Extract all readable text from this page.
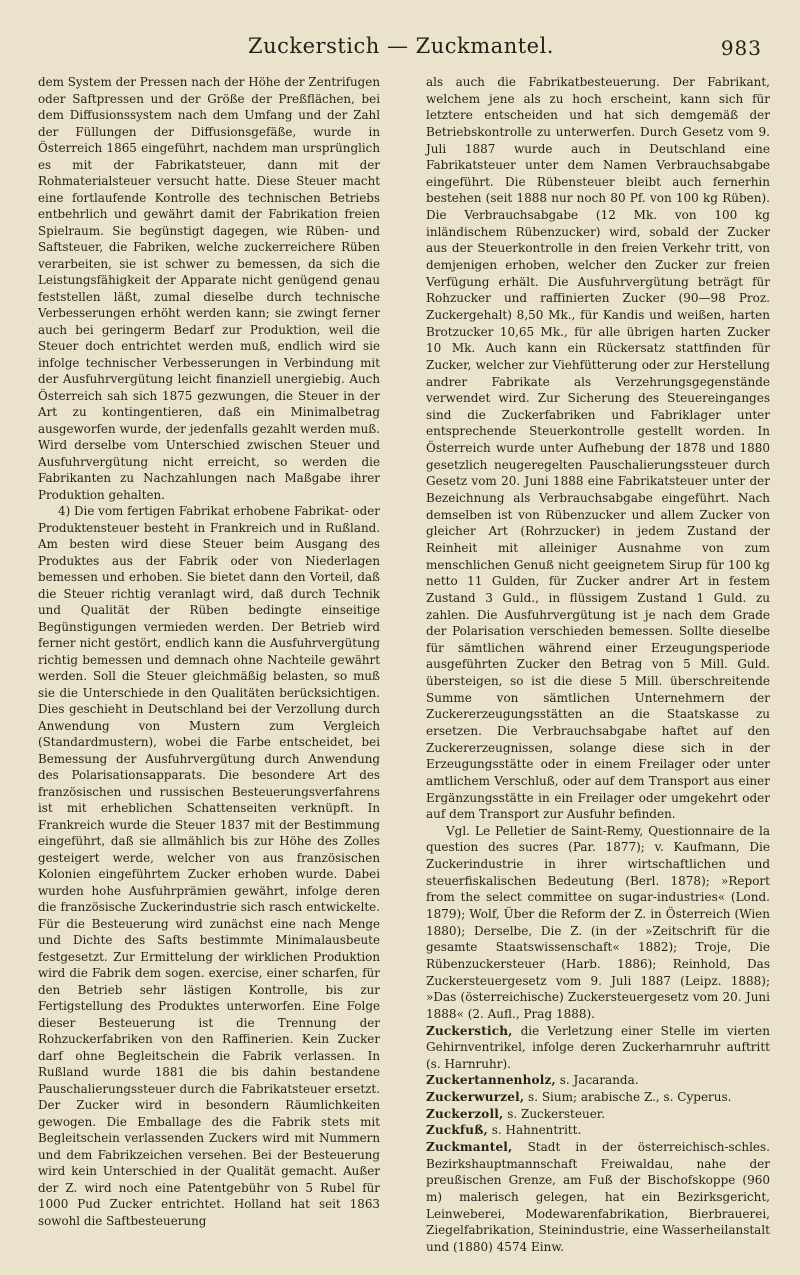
Zuckerstich — Zuckmantel.	983

dem System der Pressen nach der Höhe der Zentrifugen oder Saftpressen und der Größe der Preßflächen, bei dem Diffusionssystem nach dem Umfang und der Zahl der Füllungen der Diffusionsgefäße, wurde in Österreich 1865 eingeführt, nachdem man ursprünglich es mit der Fabrikatsteuer, dann mit der Rohmaterialsteuer versucht hatte. Diese Steuer macht eine fortlaufende Kontrolle des technischen Betriebs entbehrlich und gewährt damit der Fabrikation freien Spielraum. Sie begünstigt dagegen, wie Rüben- und Saftsteuer, die Fabriken, welche zuckerreichere Rüben verarbeiten, sie ist schwer zu bemessen, da sich die Leistungsfähigkeit der Apparate nicht genügend genau feststellen läßt, zumal dieselbe durch technische Verbesserungen erhöht werden kann; sie zwingt ferner auch bei geringerm Bedarf zur Produktion, weil die Steuer doch entrichtet werden muß, endlich wird sie infolge technischer Verbesserungen in Verbindung mit der Ausfuhrvergütung leicht finanziell unergiebig. Auch Österreich sah sich 1875 gezwungen, die Steuer in der Art zu kontingentieren, daß ein Minimalbetrag ausgeworfen wurde, der jedenfalls gezahlt werden muß. Wird derselbe vom Unterschied zwischen Steuer und Ausfuhrvergütung nicht erreicht, so werden die Fabrikanten zu Nachzahlungen nach Maßgabe ihrer Produktion gehalten.

4) Die vom fertigen Fabrikat erhobene Fabrikat- oder Produktensteuer besteht in Frankreich und in Rußland. Am besten wird diese Steuer beim Ausgang des Produktes aus der Fabrik oder von Niederlagen bemessen und erhoben. Sie bietet dann den Vorteil, daß die Steuer richtig veranlagt wird, daß durch Technik und Qualität der Rüben bedingte einseitige Begünstigungen vermieden werden. Der Betrieb wird ferner nicht gestört, endlich kann die Ausfuhrvergütung richtig bemessen und demnach ohne Nachteile gewährt werden. Soll die Steuer gleichmäßig belasten, so muß sie die Unterschiede in den Qualitäten berücksichtigen. Dies geschieht in Deutschland bei der Verzollung durch Anwendung von Mustern zum Vergleich (Standardmustern), wobei die Farbe entscheidet, bei Bemessung der Ausfuhrvergütung durch Anwendung des Polarisationsapparats. Die besondere Art des französischen und russischen Besteuerungsverfahrens ist mit erheblichen Schattenseiten verknüpft. In Frankreich wurde die Steuer 1837 mit der Bestimmung eingeführt, daß sie allmählich bis zur Höhe des Zolles gesteigert werde, welcher von aus französischen Kolonien eingeführtem Zucker erhoben wurde. Dabei wurden hohe Ausfuhrprämien gewährt, infolge deren die französische Zuckerindustrie sich rasch entwickelte. Für die Besteuerung wird zunächst eine nach Menge und Dichte des Safts bestimmte Minimalausbeute festgesetzt. Zur Ermittelung der wirklichen Produktion wird die Fabrik dem sogen. exercise, einer scharfen, für den Betrieb sehr lästigen Kontrolle, bis zur Fertigstellung des Produktes unterworfen. Eine Folge dieser Besteuerung ist die Trennung der Rohzuckerfabriken von den Raffinerien. Kein Zucker darf ohne Begleitschein die Fabrik verlassen. In Rußland wurde 1881 die bis dahin bestandene Pauschalierungssteuer durch die Fabrikatsteuer ersetzt. Der Zucker wird in besondern Räumlichkeiten gewogen. Die Emballage des die Fabrik stets mit Begleitschein verlassenden Zuckers wird mit Nummern und dem Fabrikzeichen versehen. Bei der Besteuerung wird kein Unterschied in der Qualität gemacht. Außer der Z. wird noch eine Patentgebühr von 5 Rubel für 1000 Pud Zucker entrichtet. Holland hat seit 1863 sowohl die Saftbesteuerung

als auch die Fabrikatbesteuerung. Der Fabrikant, welchem jene als zu hoch erscheint, kann sich für letztere entscheiden und hat sich demgemäß der Betriebskontrolle zu unterwerfen. Durch Gesetz vom 9. Juli 1887 wurde auch in Deutschland eine Fabrikatsteuer unter dem Namen Verbrauchsabgabe eingeführt. Die Rübensteuer bleibt auch fernerhin bestehen (seit 1888 nur noch 80 Pf. von 100 kg Rüben). Die Verbrauchsabgabe (12 Mk. von 100 kg inländischem Rübenzucker) wird, sobald der Zucker aus der Steuerkontrolle in den freien Verkehr tritt, von demjenigen erhoben, welcher den Zucker zur freien Verfügung erhält. Die Ausfuhrvergütung beträgt für Rohzucker und raffinierten Zucker (90—98 Proz. Zuckergehalt) 8,50 Mk., für Kandis und weißen, harten Brotzucker 10,65 Mk., für alle übrigen harten Zucker 10 Mk. Auch kann ein Rückersatz stattfinden für Zucker, welcher zur Viehfütterung oder zur Herstellung andrer Fabrikate als Verzehrungsgegenstände verwendet wird. Zur Sicherung des Steuereinganges sind die Zuckerfabriken und Fabriklager unter entsprechende Steuerkontrolle gestellt worden. In Österreich wurde unter Aufhebung der 1878 und 1880 gesetzlich neugeregelten Pauschalierungssteuer durch Gesetz vom 20. Juni 1888 eine Fabrikatsteuer unter der Bezeichnung als Verbrauchsabgabe eingeführt. Nach demselben ist von Rübenzucker und allem Zucker von gleicher Art (Rohrzucker) in jedem Zustand der Reinheit mit alleiniger Ausnahme von zum menschlichen Genuß nicht geeignetem Sirup für 100 kg netto 11 Gulden, für Zucker andrer Art in festem Zustand 3 Guld., in flüssigem Zustand 1 Guld. zu zahlen. Die Ausfuhrvergütung ist je nach dem Grade der Polarisation verschieden bemessen. Sollte dieselbe für sämtlichen während einer Erzeugungsperiode ausgeführten Zucker den Betrag von 5 Mill. Guld. übersteigen, so ist die diese 5 Mill. überschreitende Summe von sämtlichen Unternehmern der Zuckererzeugungsstätten an die Staatskasse zu ersetzen. Die Verbrauchsabgabe haftet auf den Zuckererzeugnissen, solange diese sich in der Erzeugungsstätte oder in einem Freilager oder unter amtlichem Verschluß, oder auf dem Transport aus einer Ergänzungsstätte in ein Freilager oder umgekehrt oder auf dem Transport zur Ausfuhr befinden.

Vgl. Le Pelletier de Saint-Remy, Questionnaire de la question des sucres (Par. 1877); v. Kaufmann, Die Zuckerindustrie in ihrer wirtschaftlichen und steuerfiskalischen Bedeutung (Berl. 1878); »Report from the select committee on sugar-industries« (Lond. 1879); Wolf, Über die Reform der Z. in Österreich (Wien 1880); Derselbe, Die Z. (in der »Zeitschrift für die gesamte Staatswissenschaft« 1882); Troje, Die Rübenzuckersteuer (Harb. 1886); Reinhold, Das Zuckersteuergesetz vom 9. Juli 1887 (Leipz. 1888); »Das (österreichische) Zuckersteuergesetz vom 20. Juni 1888« (2. Aufl., Prag 1888).

Zuckerstich, die Verletzung einer Stelle im vierten Gehirnventrikel, infolge deren Zuckerharnruhr auftritt (s. Harnruhr).

Zuckertannenholz, s. Jacaranda.

Zuckerwurzel, s. Sium; arabische Z., s. Cyperus.

Zuckerzoll, s. Zuckersteuer.

Zuckfuß, s. Hahnentritt.

Zuckmantel, Stadt in der österreichisch-schles. Bezirkshauptmannschaft Freiwaldau, nahe der preußischen Grenze, am Fuß der Bischofskoppe (960 m) malerisch gelegen, hat ein Bezirksgericht, Leinweberei, Modewarenfabrikation, Bierbrauerei, Ziegelfabrikation, Steinindustrie, eine Wasserheilanstalt und (1880) 4574 Einw.
